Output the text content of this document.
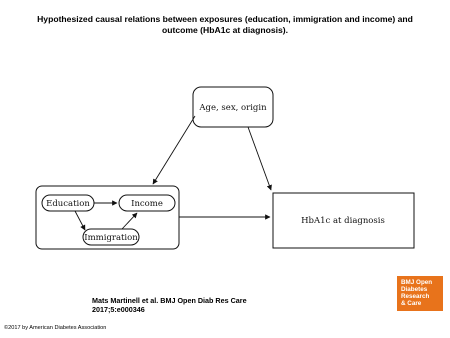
Hypothesized causal relations between exposures (education, immigration and income) and
outcome (HbA1c at diagnosis).
Age, sex, origin
Education	Income
Immigration
HbA1c at diagnosis
Mats Martinell et al. BMJ Open Diab Res Care
2017;5:e000346
BMJ Open
Diabetes
Research
& Care
©2017 by American Diabetes Association
